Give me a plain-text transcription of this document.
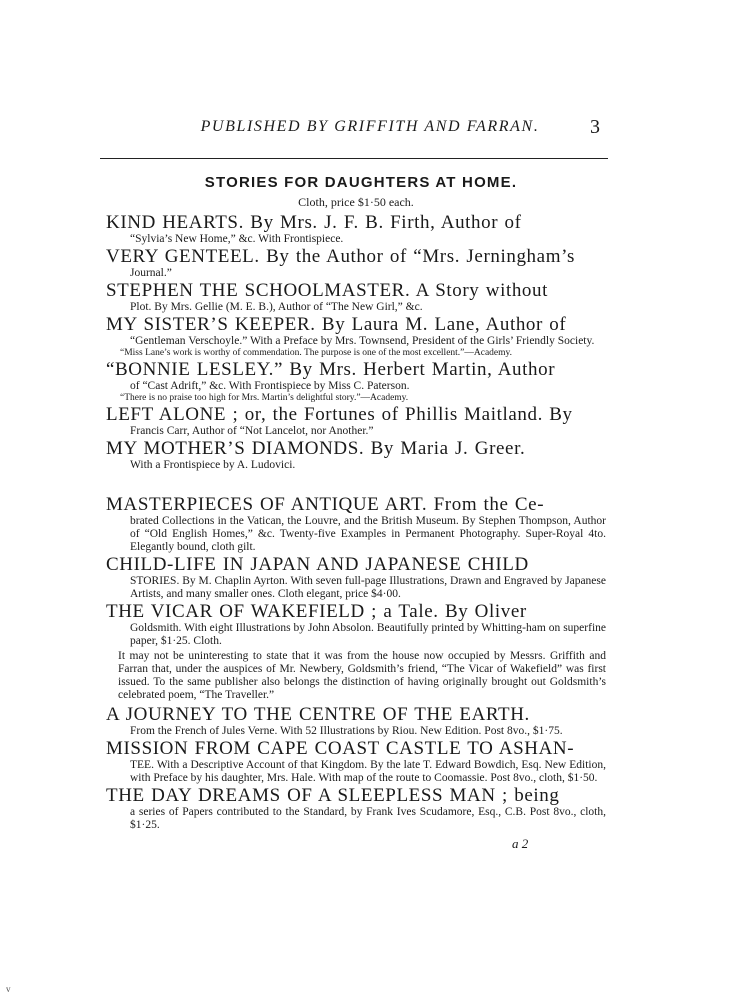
PUBLISHED BY GRIFFITH AND FARRAN.	3
STORIES FOR DAUGHTERS AT HOME.
Cloth, price $1·50 each.
KIND HEARTS. By Mrs. J. F. B. Firth, Author of
“Sylvia’s New Home,” &c. With Frontispiece.
VERY GENTEEL. By the Author of “Mrs. Jerningham’s
Journal.”
STEPHEN THE SCHOOLMASTER. A Story without
Plot. By Mrs. Gellie (M. E. B.), Author of “The New Girl,” &c.
MY SISTER’S KEEPER. By Laura M. Lane, Author of
“Gentleman Verschoyle.” With a Preface by Mrs. Townsend, President of the Girls’ Friendly Society.
“Miss Lane’s work is worthy of commendation. The purpose is one of the most excellent.”—Academy.
“BONNIE LESLEY.” By Mrs. Herbert Martin, Author
of “Cast Adrift,” &c. With Frontispiece by Miss C. Paterson.
“There is no praise too high for Mrs. Martin’s delightful story.”—Academy.
LEFT ALONE ; or, the Fortunes of Phillis Maitland. By
Francis Carr, Author of “Not Lancelot, nor Another.”
MY MOTHER’S DIAMONDS. By Maria J. Greer.
With a Frontispiece by A. Ludovici.
MASTERPIECES OF ANTIQUE ART. From the Ce-
brated Collections in the Vatican, the Louvre, and the British Museum. By Stephen Thompson, Author of “Old English Homes,” &c. Twenty-five Examples in Permanent Photography. Super-Royal 4to. Elegantly bound, cloth gilt.
CHILD-LIFE IN JAPAN AND JAPANESE CHILD
STORIES. By M. Chaplin Ayrton. With seven full-page Illustrations, Drawn and Engraved by Japanese Artists, and many smaller ones. Cloth elegant, price $4·00.
THE VICAR OF WAKEFIELD ; a Tale. By Oliver
Goldsmith. With eight Illustrations by John Absolon. Beautifully printed by Whitting-ham on superfine paper, $1·25. Cloth.
It may not be uninteresting to state that it was from the house now occupied by Messrs. Griffith and Farran that, under the auspices of Mr. Newbery, Goldsmith’s friend, “The Vicar of Wakefield” was first issued. To the same publisher also belongs the distinction of having originally brought out Goldsmith’s celebrated poem, “The Traveller.”
A JOURNEY TO THE CENTRE OF THE EARTH.
From the French of Jules Verne. With 52 Illustrations by Riou. New Edition. Post 8vo., $1·75.
MISSION FROM CAPE COAST CASTLE TO ASHAN-
TEE. With a Descriptive Account of that Kingdom. By the late T. Edward Bowdich, Esq. New Edition, with Preface by his daughter, Mrs. Hale. With map of the route to Coomassie. Post 8vo., cloth, $1·50.
THE DAY DREAMS OF A SLEEPLESS MAN ; being
a series of Papers contributed to the Standard, by Frank Ives Scudamore, Esq., C.B. Post 8vo., cloth, $1·25.
a 2
v
